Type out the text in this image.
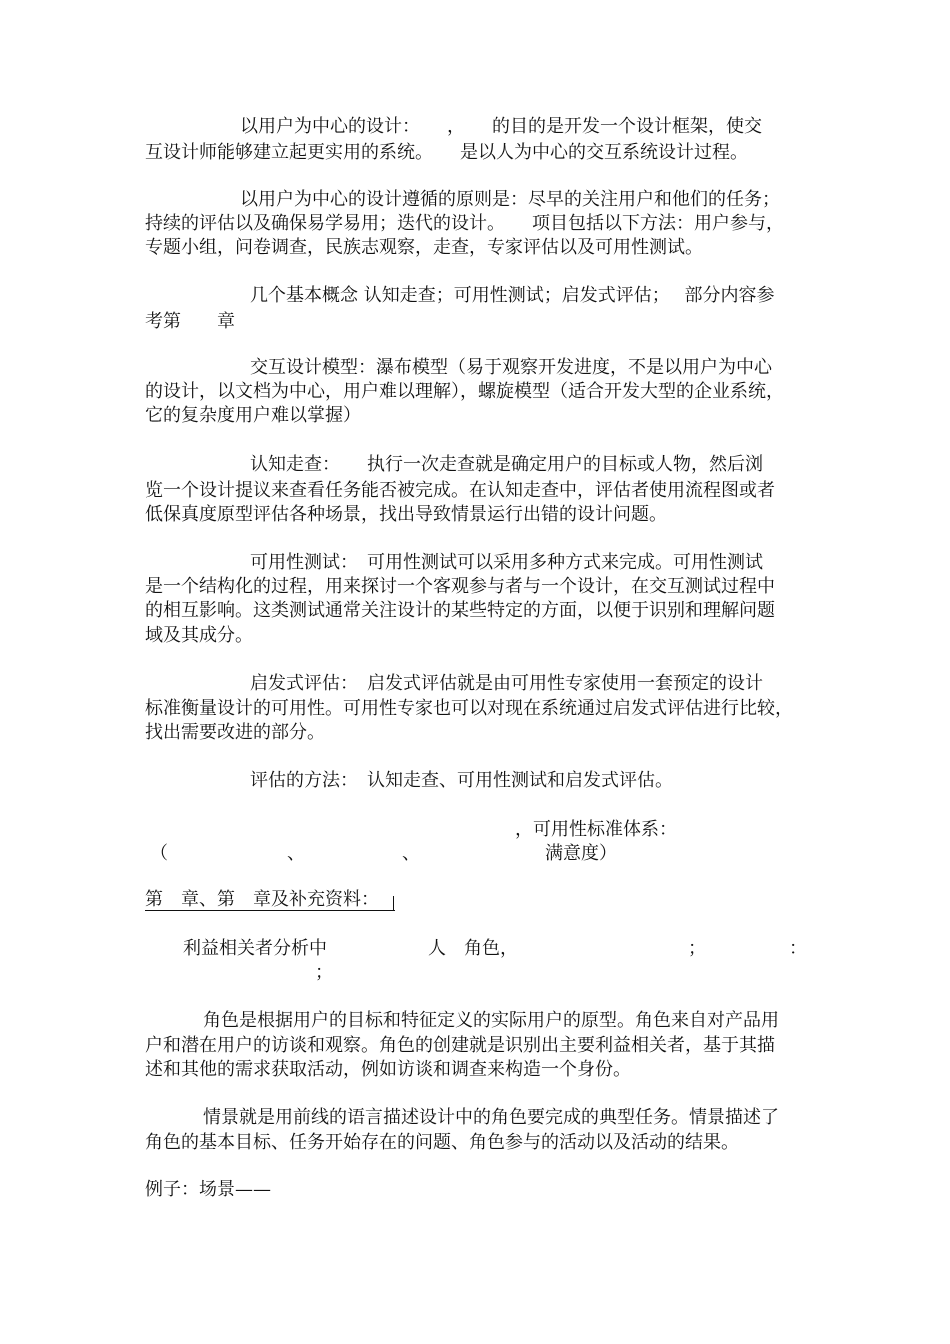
以用户为中心的设计：　　，　　的目的是开发一个设计框架，使交
互设计师能够建立起更实用的系统。　　是以人为中心的交互系统设计过程。
以用户为中心的设计遵循的原则是：尽早的关注用户和他们的任务；
持续的评估以及确保易学易用；迭代的设计。　　项目包括以下方法：用户参与，
专题小组，问卷调查，民族志观察，走查，专家评估以及可用性测试。
几个基本概念 认知走查；可用性测试；启发式评估；　 部分内容参
考第　　章
交互设计模型：瀑布模型（易于观察开发进度，不是以用户为中心
的设计，以文档为中心，用户难以理解），螺旋模型（适合开发大型的企业系统，
它的复杂度用户难以掌握）
认知走查：　　执行一次走查就是确定用户的目标或人物，然后浏
览一个设计提议来查看任务能否被完成。在认知走查中，评估者使用流程图或者
低保真度原型评估各种场景，找出导致情景运行出错的设计问题。
可用性测试：　可用性测试可以采用多种方式来完成。可用性测试
是一个结构化的过程，用来探讨一个客观参与者与一个设计，在交互测试过程中
的相互影响。这类测试通常关注设计的某些特定的方面，以便于识别和理解问题
域及其成分。
启发式评估：　启发式评估就是由可用性专家使用一套预定的设计
标准衡量设计的可用性。可用性专家也可以对现在系统通过启发式评估进行比较，
找出需要改进的部分。
评估的方法：　认知走查、可用性测试和启发式评估。
，可用性标准体系：
（	、	、	满意度）
第　章、第　章及补充资料：
利益相关者分析中	人　角色，	；	：
；
角色是根据用户的目标和特征定义的实际用户的原型。角色来自对产品用
户和潜在用户的访谈和观察。角色的创建就是识别出主要利益相关者，基于其描
述和其他的需求获取活动，例如访谈和调查来构造一个身份。
情景就是用前线的语言描述设计中的角色要完成的典型任务。情景描述了
角色的基本目标、任务开始存在的问题、角色参与的活动以及活动的结果。
例子：场景——
